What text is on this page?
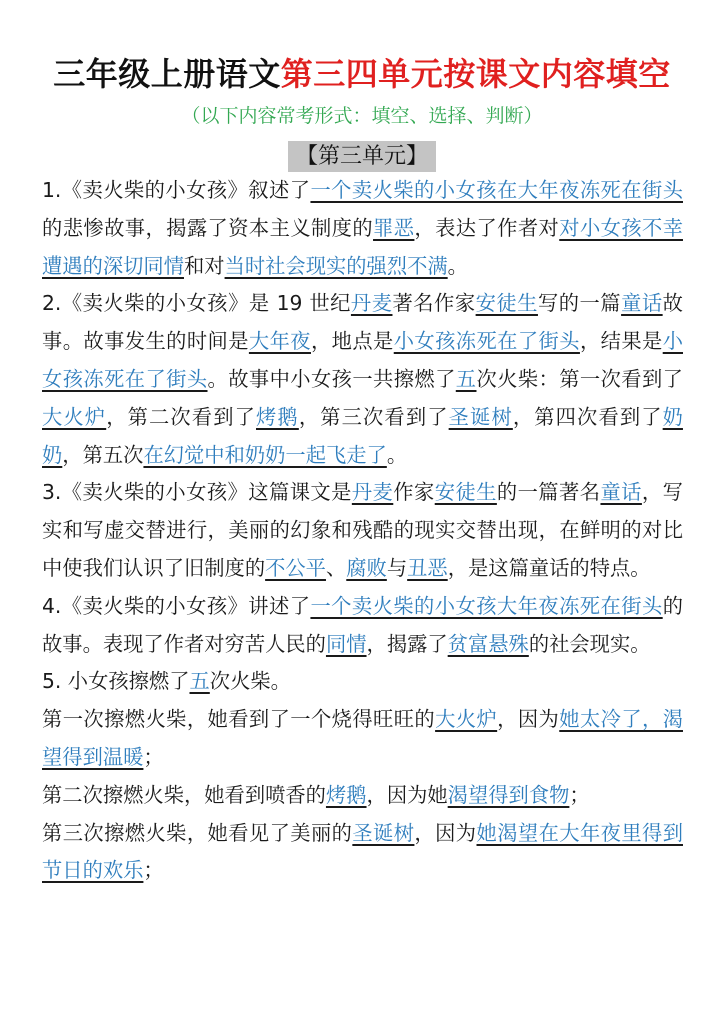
三年级上册语文第三四单元按课文内容填空
（以下内容常考形式：填空、选择、判断）
【第三单元】

1.《卖火柴的小女孩》叙述了一个卖火柴的小女孩在大年夜冻死在街头的悲惨故事，揭露了资本主义制度的罪恶，表达了作者对对小女孩不幸遭遇的深切同情和对当时社会现实的强烈不满。

2.《卖火柴的小女孩》是 19 世纪丹麦著名作家安徒生写的一篇童话故事。故事发生的时间是大年夜，地点是小女孩冻死在了街头，结果是小女孩冻死在了街头。故事中小女孩一共擦燃了五次火柴：第一次看到了大火炉，第二次看到了烤鹅，第三次看到了圣诞树，第四次看到了奶奶，第五次在幻觉中和奶奶一起飞走了。

3.《卖火柴的小女孩》这篇课文是丹麦作家安徒生的一篇著名童话，写实和写虚交替进行，美丽的幻象和残酷的现实交替出现，在鲜明的对比中使我们认识了旧制度的不公平、腐败与丑恶，是这篇童话的特点。

4.《卖火柴的小女孩》讲述了一个卖火柴的小女孩大年夜冻死在街头的故事。表现了作者对穷苦人民的同情，揭露了贫富悬殊的社会现实。

5. 小女孩擦燃了五次火柴。

第一次擦燃火柴，她看到了一个烧得旺旺的大火炉，因为她太冷了，渴望得到温暖；

第二次擦燃火柴，她看到喷香的烤鹅，因为她渴望得到食物；

第三次擦燃火柴，她看见了美丽的圣诞树，因为她渴望在大年夜里得到节日的欢乐；
